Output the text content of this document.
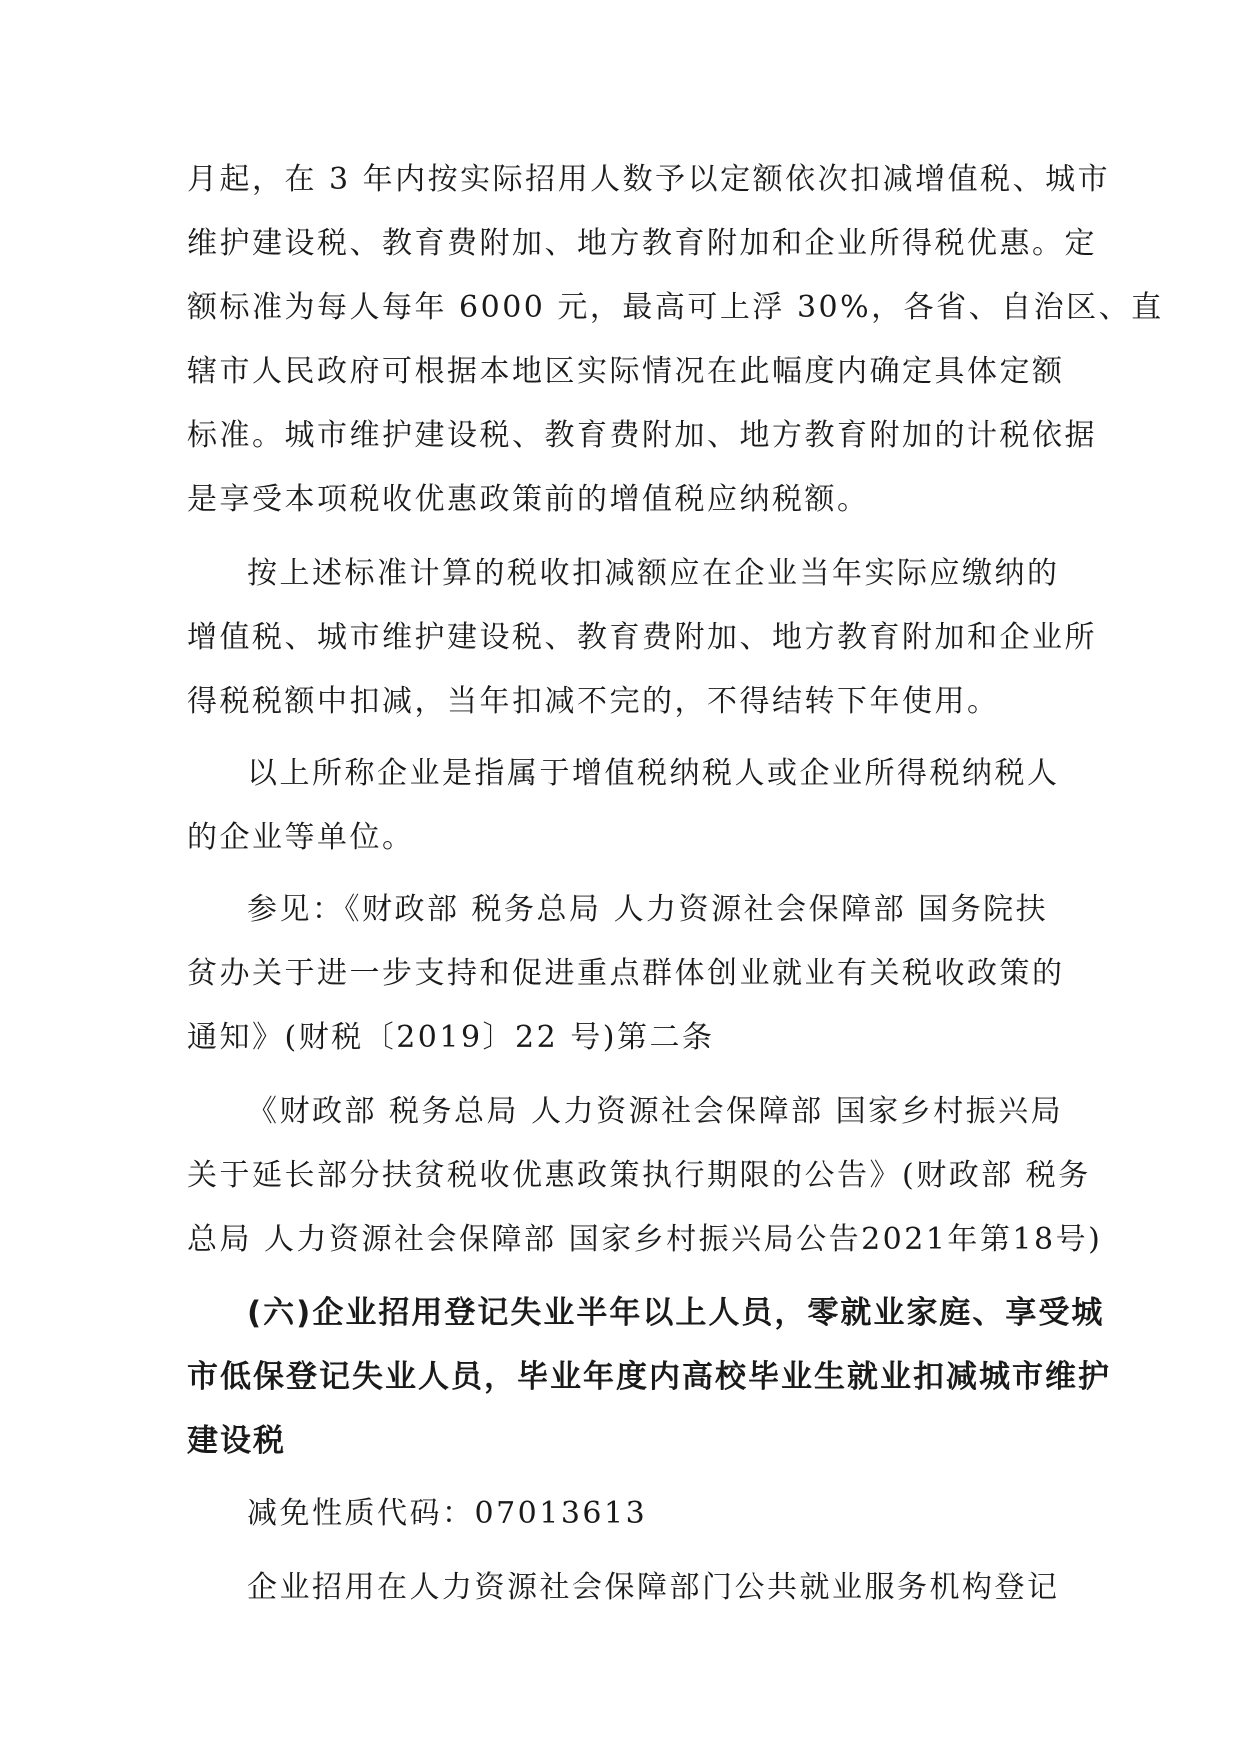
月起，在 3 年内按实际招用人数予以定额依次扣减增值税、城市
维护建设税、教育费附加、地方教育附加和企业所得税优惠。定
额标准为每人每年 6000 元，最高可上浮 30%，各省、自治区、直
辖市人民政府可根据本地区实际情况在此幅度内确定具体定额
标准。城市维护建设税、教育费附加、地方教育附加的计税依据
是享受本项税收优惠政策前的增值税应纳税额。
按上述标准计算的税收扣减额应在企业当年实际应缴纳的
增值税、城市维护建设税、教育费附加、地方教育附加和企业所
得税税额中扣减，当年扣减不完的，不得结转下年使用。
以上所称企业是指属于增值税纳税人或企业所得税纳税人
的企业等单位。
参见：《财政部 税务总局 人力资源社会保障部 国务院扶
贫办关于进一步支持和促进重点群体创业就业有关税收政策的
通知》(财税〔2019〕22 号)第二条
《财政部 税务总局 人力资源社会保障部 国家乡村振兴局
关于延长部分扶贫税收优惠政策执行期限的公告》(财政部 税务
总局 人力资源社会保障部 国家乡村振兴局公告2021年第18号)
(六)企业招用登记失业半年以上人员，零就业家庭、享受城
市低保登记失业人员，毕业年度内高校毕业生就业扣减城市维护
建设税
减免性质代码：07013613
企业招用在人力资源社会保障部门公共就业服务机构登记
